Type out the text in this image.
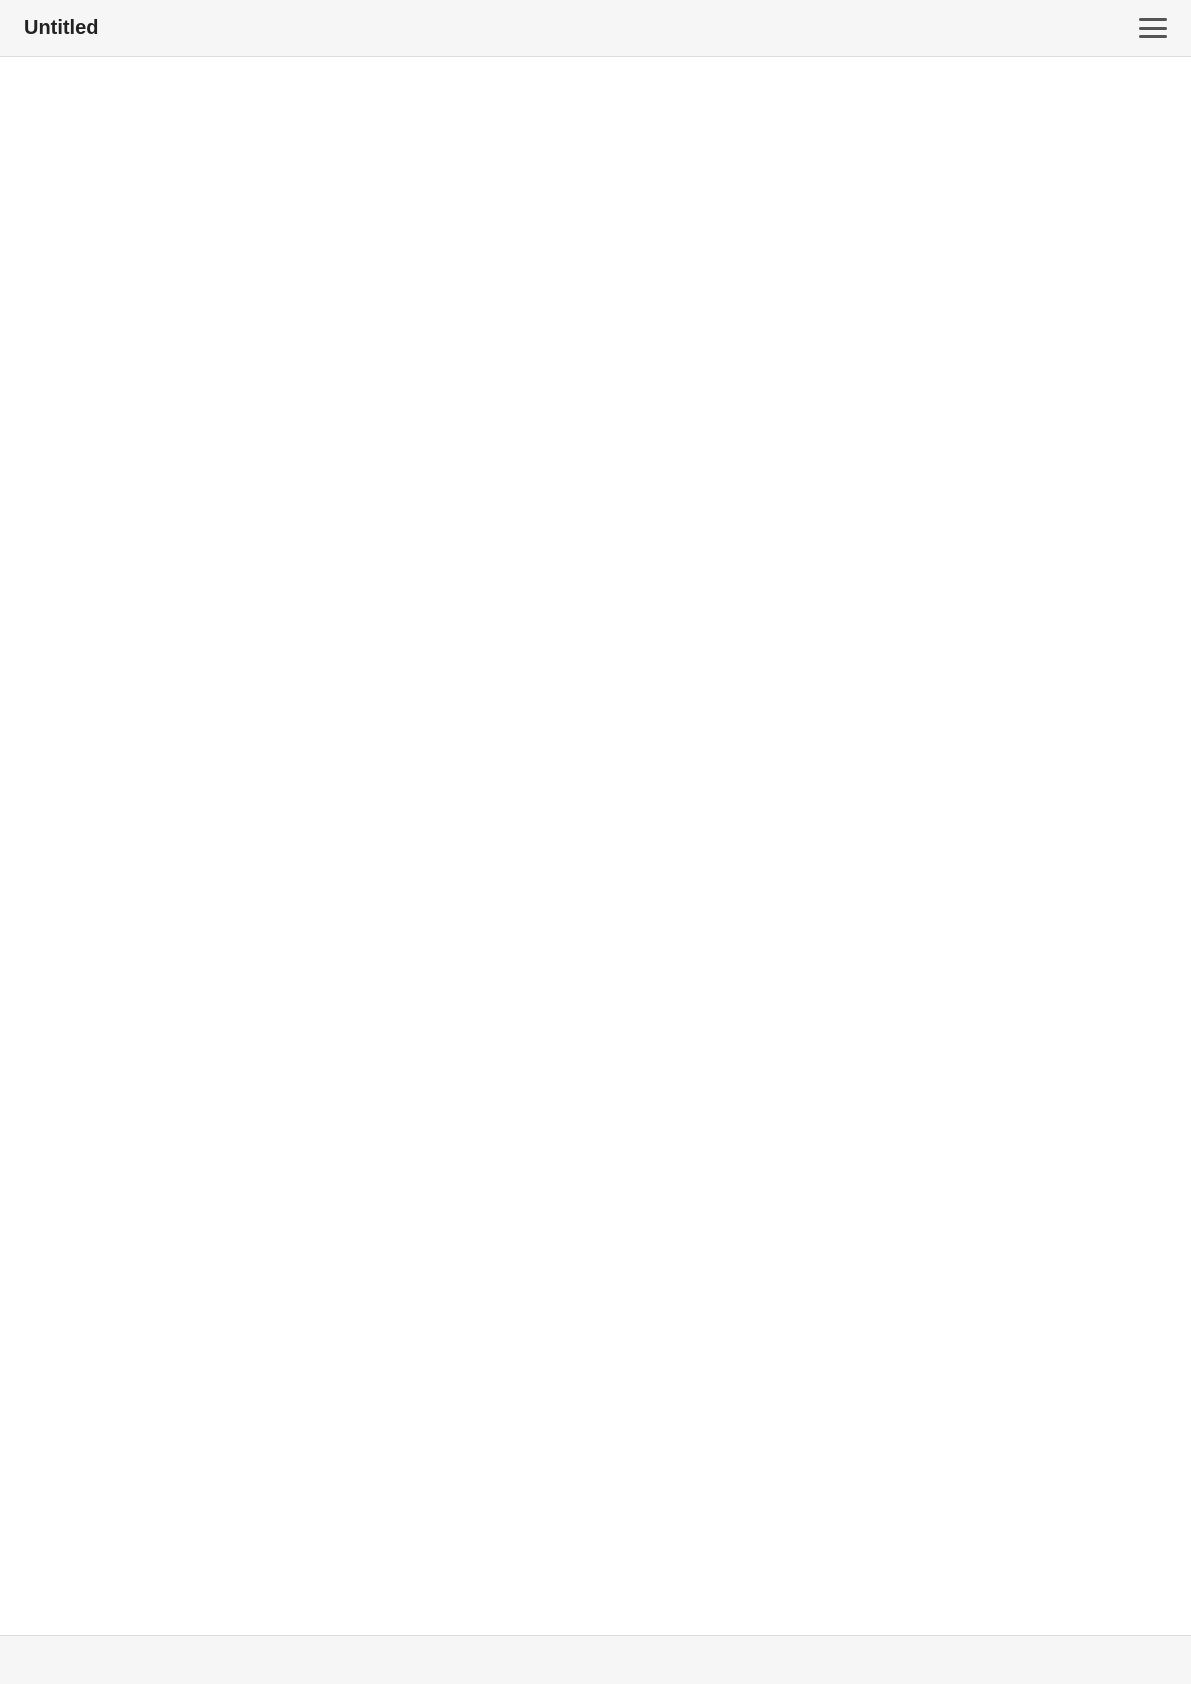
Untitled
